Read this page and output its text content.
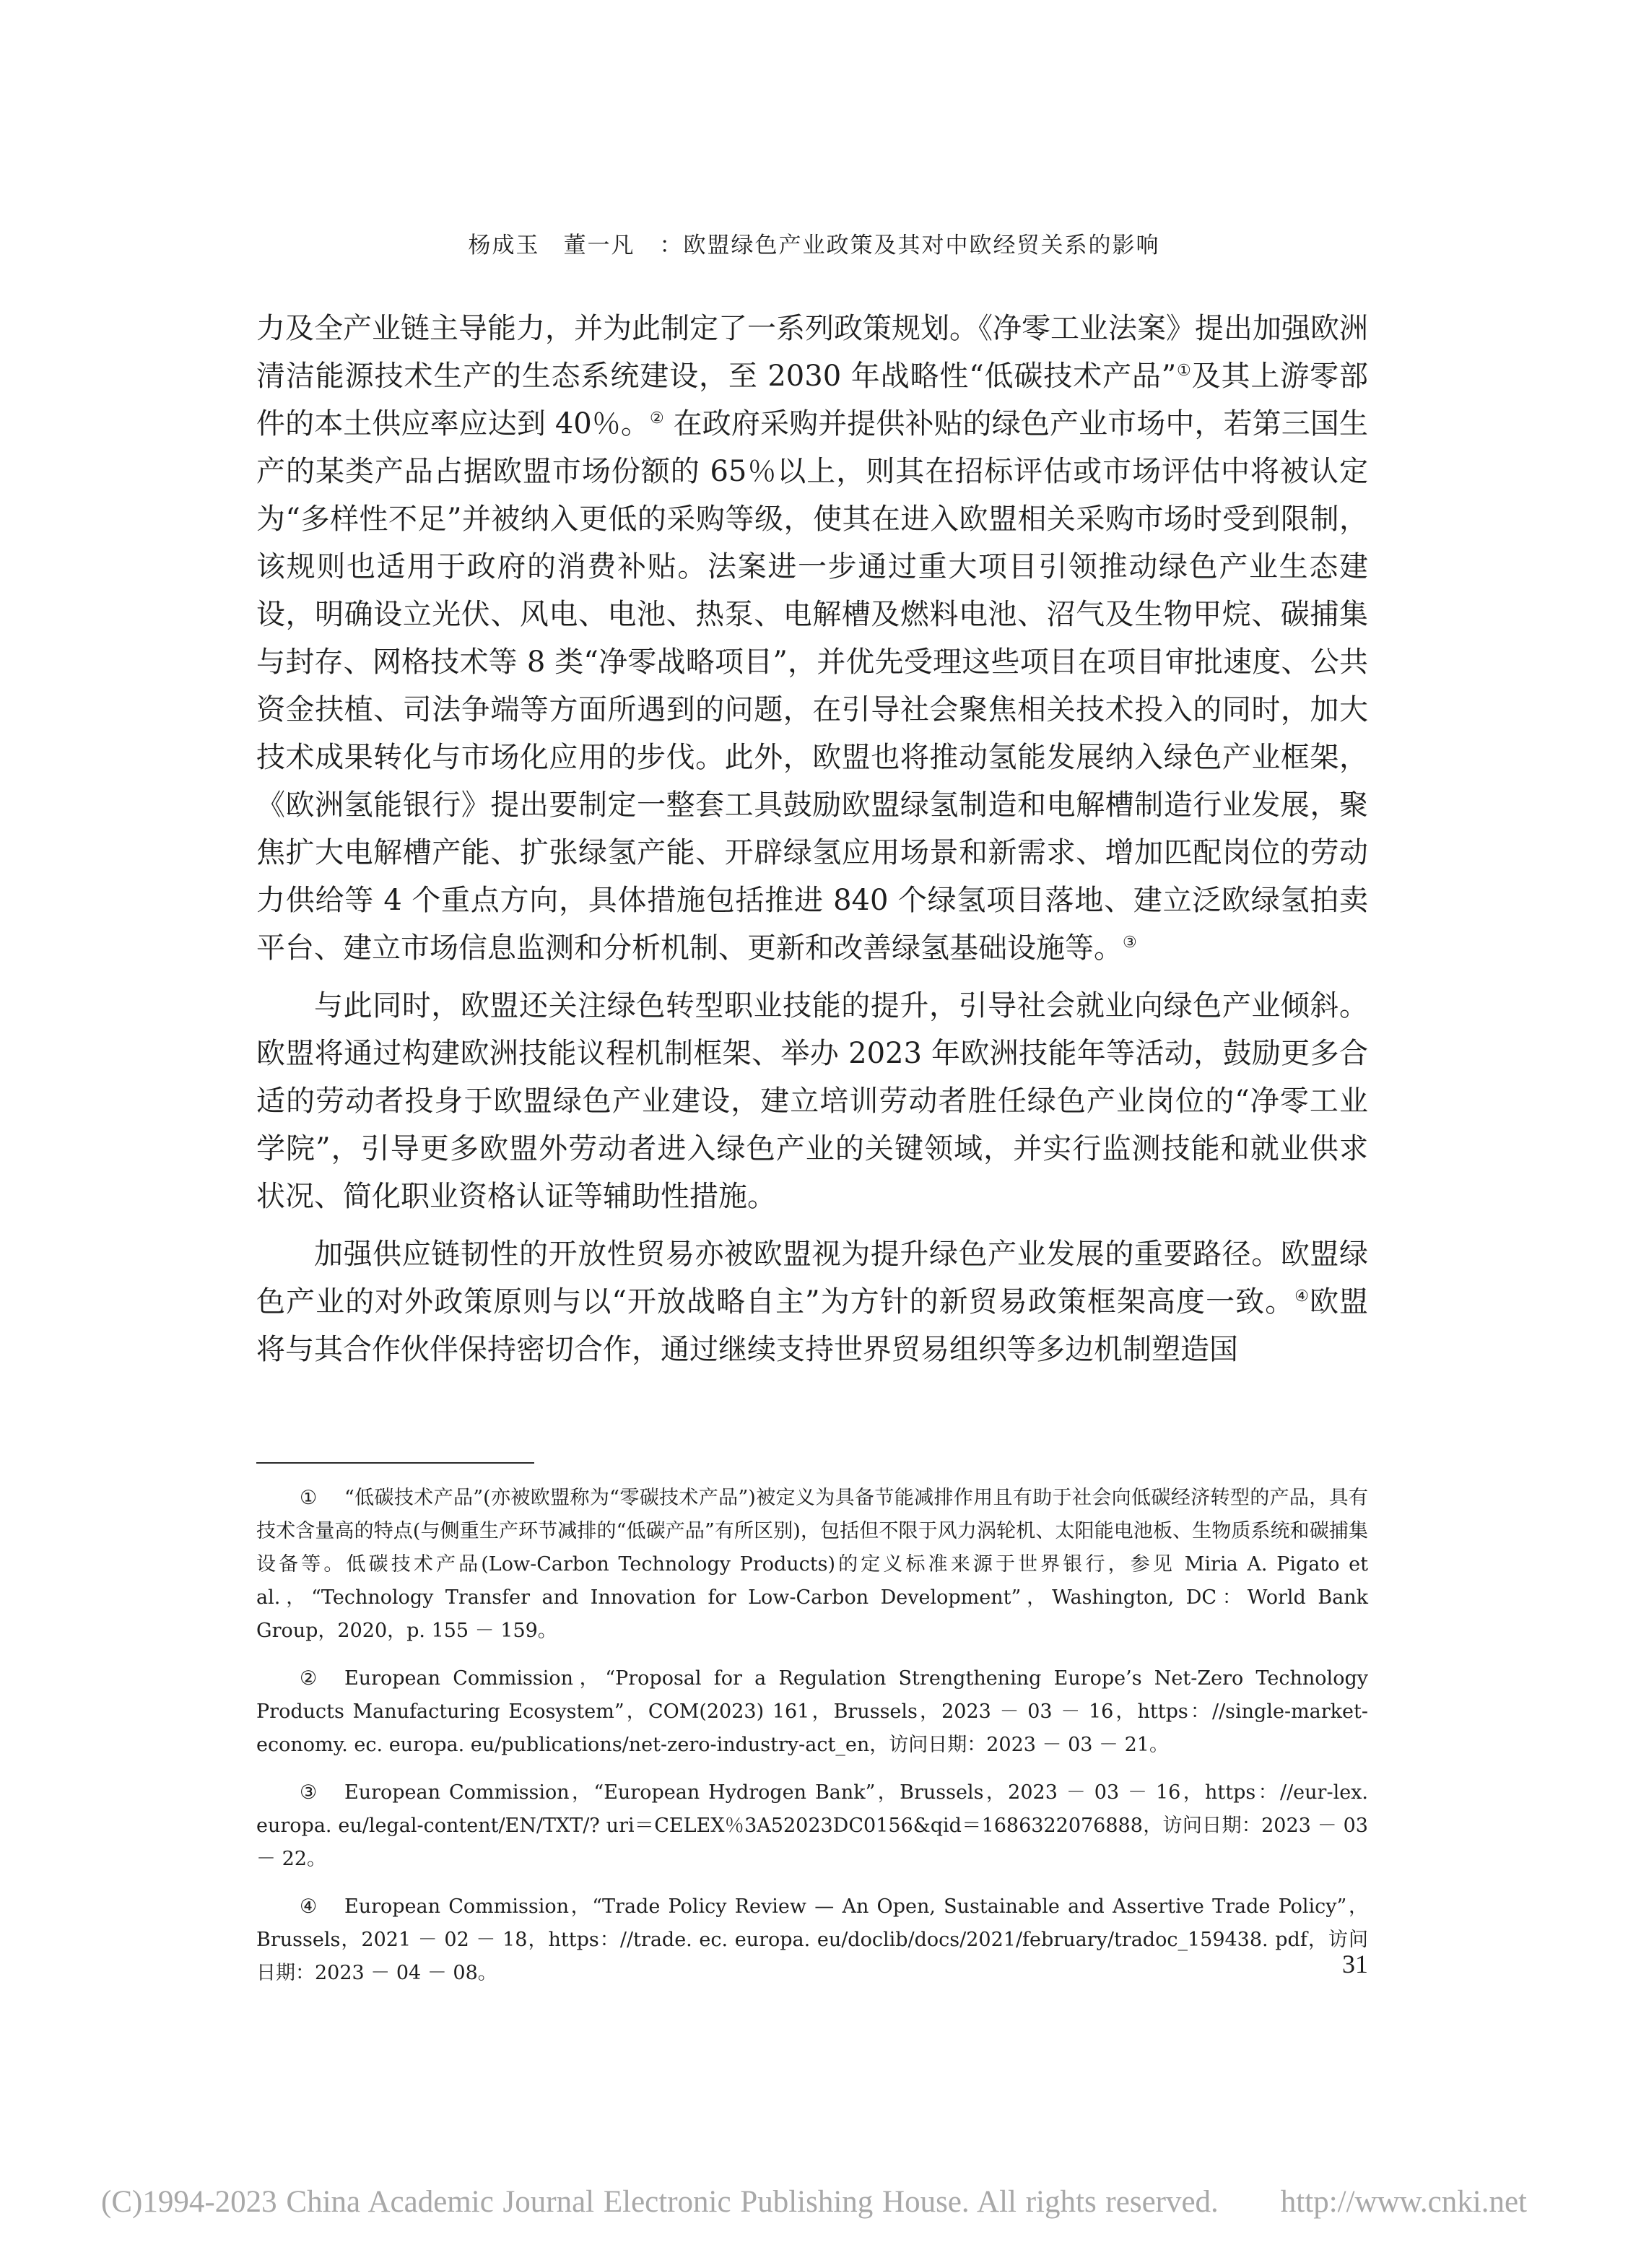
杨成玉　董一凡 ：欧盟绿色产业政策及其对中欧经贸关系的影响

力及全产业链主导能力，并为此制定了一系列政策规划。《净零工业法案》提出加强欧洲清洁能源技术生产的生态系统建设，至 2030 年战略性“低碳技术产品”①及其上游零部件的本土供应率应达到 40％。② 在政府采购并提供补贴的绿色产业市场中，若第三国生产的某类产品占据欧盟市场份额的 65％以上，则其在招标评估或市场评估中将被认定为“多样性不足”并被纳入更低的采购等级，使其在进入欧盟相关采购市场时受到限制，该规则也适用于政府的消费补贴。法案进一步通过重大项目引领推动绿色产业生态建设，明确设立光伏、风电、电池、热泵、电解槽及燃料电池、沼气及生物甲烷、碳捕集与封存、网格技术等 8 类“净零战略项目”，并优先受理这些项目在项目审批速度、公共资金扶植、司法争端等方面所遇到的问题，在引导社会聚焦相关技术投入的同时，加大技术成果转化与市场化应用的步伐。此外，欧盟也将推动氢能发展纳入绿色产业框架，《欧洲氢能银行》提出要制定一整套工具鼓励欧盟绿氢制造和电解槽制造行业发展，聚焦扩大电解槽产能、扩张绿氢产能、开辟绿氢应用场景和新需求、增加匹配岗位的劳动力供给等 4 个重点方向，具体措施包括推进 840 个绿氢项目落地、建立泛欧绿氢拍卖平台、建立市场信息监测和分析机制、更新和改善绿氢基础设施等。③

与此同时，欧盟还关注绿色转型职业技能的提升，引导社会就业向绿色产业倾斜。欧盟将通过构建欧洲技能议程机制框架、举办 2023 年欧洲技能年等活动，鼓励更多合适的劳动者投身于欧盟绿色产业建设，建立培训劳动者胜任绿色产业岗位的“净零工业学院”，引导更多欧盟外劳动者进入绿色产业的关键领域，并实行监测技能和就业供求状况、简化职业资格认证等辅助性措施。

加强供应链韧性的开放性贸易亦被欧盟视为提升绿色产业发展的重要路径。欧盟绿色产业的对外政策原则与以“开放战略自主”为方针的新贸易政策框架高度一致。④欧盟将与其合作伙伴保持密切合作，通过继续支持世界贸易组织等多边机制塑造国

① “低碳技术产品”(亦被欧盟称为“零碳技术产品”)被定义为具备节能减排作用且有助于社会向低碳经济转型的产品，具有技术含量高的特点(与侧重生产环节减排的“低碳产品”有所区别)，包括但不限于风力涡轮机、太阳能电池板、生物质系统和碳捕集设备等。低碳技术产品(Low-Carbon Technology Products)的定义标准来源于世界银行，参见 Miria A. Pigato et al.，“Technology Transfer and Innovation for Low-Carbon Development”，Washington, DC：World Bank Group，2020，p. 155 － 159。

② European Commission，“Proposal for a Regulation Strengthening Europe’s Net-Zero Technology Products Manufacturing Ecosystem”，COM(2023) 161，Brussels，2023 － 03 － 16，https：//single-market-economy. ec. europa. eu/publications/net-zero-industry-act_en，访问日期：2023 － 03 － 21。

③ European Commission，“European Hydrogen Bank”，Brussels，2023 － 03 － 16，https：//eur-lex. europa. eu/legal-content/EN/TXT/? uri＝CELEX％3A52023DC0156&qid＝1686322076888，访问日期：2023 － 03 － 22。

④ European Commission，“Trade Policy Review — An Open, Sustainable and Assertive Trade Policy”，Brussels，2021 － 02 － 18，https：//trade. ec. europa. eu/doclib/docs/2021/february/tradoc_159438. pdf，访问日期：2023 － 04 － 08。	31
(C)1994-2023 China Academic Journal Electronic Publishing House. All rights reserved.　　http://www.cnki.net
